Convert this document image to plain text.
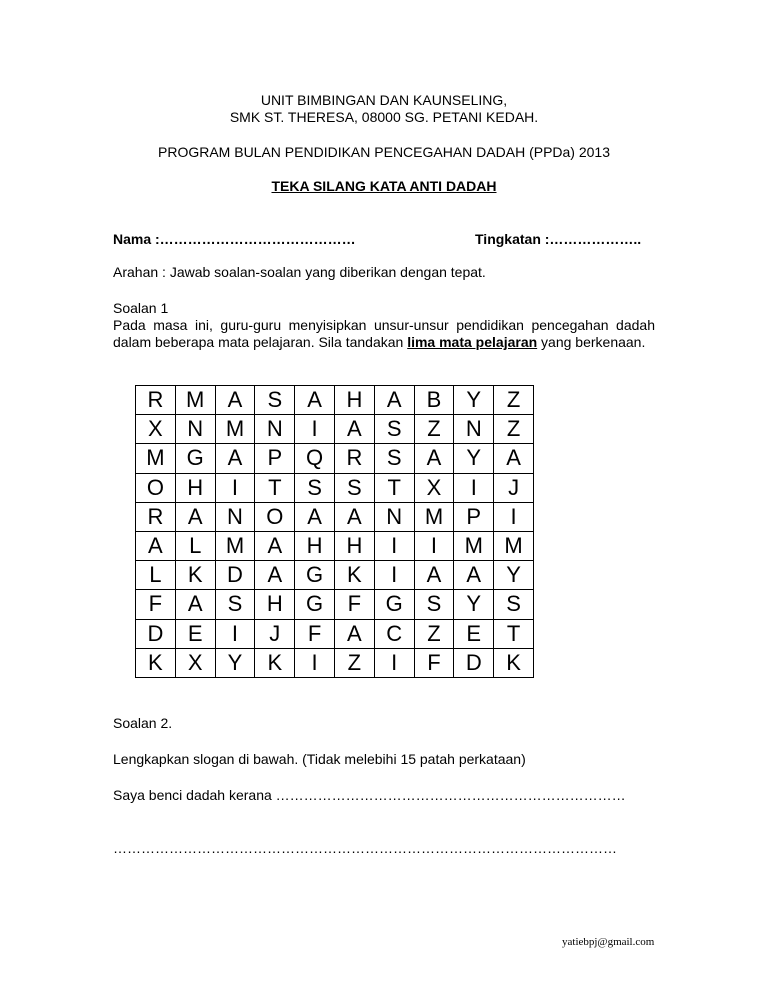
UNIT BIMBINGAN DAN KAUNSELING,
SMK ST. THERESA, 08000 SG. PETANI KEDAH.
PROGRAM BULAN PENDIDIKAN PENCEGAHAN DADAH (PPDa) 2013
TEKA SILANG KATA ANTI DADAH
Nama :……………………………………	Tingkatan :………………..
Arahan : Jawab soalan-soalan yang diberikan dengan tepat.
Soalan 1
Pada masa ini, guru-guru menyisipkan unsur-unsur pendidikan pencegahan dadah dalam beberapa mata pelajaran. Sila tandakan lima mata pelajaran yang berkenaan.
R	M	A	S	A	H	A	B	Y	Z
X	N	M	N	I	A	S	Z	N	Z
M	G	A	P	Q	R	S	A	Y	A
O	H	I	T	S	S	T	X	I	J
R	A	N	O	A	A	N	M	P	I
A	L	M	A	H	H	I	I	M	M
L	K	D	A	G	K	I	A	A	Y
F	A	S	H	G	F	G	S	Y	S
D	E	I	J	F	A	C	Z	E	T
K	X	Y	K	I	Z	I	F	D	K
Soalan 2.
Lengkapkan slogan di bawah. (Tidak melebihi 15 patah perkataan)
Saya benci dadah kerana …………………………………………………………………
………………………………………………………………………………………………
yatiebpj@gmail.com
